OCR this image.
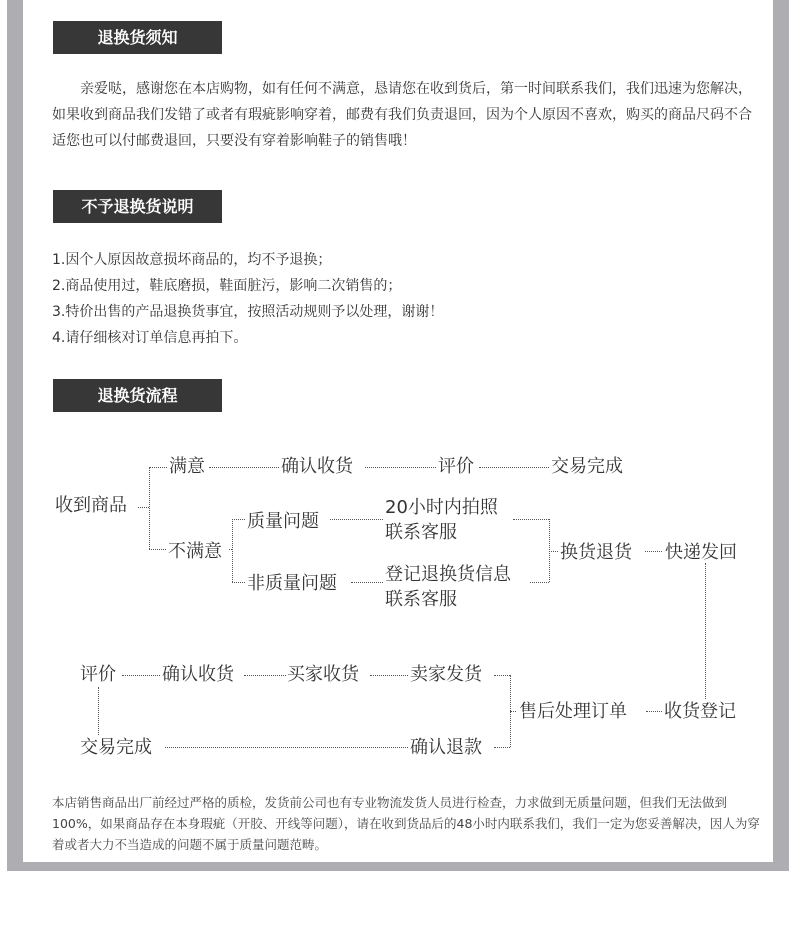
退换货须知

亲爱哒，感谢您在本店购物，如有任何不满意，恳请您在收到货后，第一时间联系我们，我们迅速为您解决，如果收到商品我们发错了或者有瑕疵影响穿着，邮费有我们负责退回，因为个人原因不喜欢，购买的商品尺码不合适您也可以付邮费退回，只要没有穿着影响鞋子的销售哦！

不予退换货说明
1.因个人原因故意损坏商品的，均不予退换；
2.商品使用过，鞋底磨损，鞋面脏污，影响二次销售的；
3.特价出售的产品退换货事宜，按照活动规则予以处理，谢谢！
4.请仔细核对订单信息再拍下。
退换货流程
收到商品
满意	确认收货	评价	交易完成
不满意
质量问题
非质量问题
20小时内拍照
联系客服
登记退换货信息
联系客服
换货退货 快递发回
收货登记
售后处理订单
卖家发货
买家收货
确认收货
评价
交易完成	确认退款

本店销售商品出厂前经过严格的质检，发货前公司也有专业物流发货人员进行检查，力求做到无质量问题，但我们无法做到100%，如果商品存在本身瑕疵（开胶、开线等问题），请在收到货品后的48小时内联系我们，我们一定为您妥善解决，因人为穿着或者大力不当造成的问题不属于质量问题范畴。
